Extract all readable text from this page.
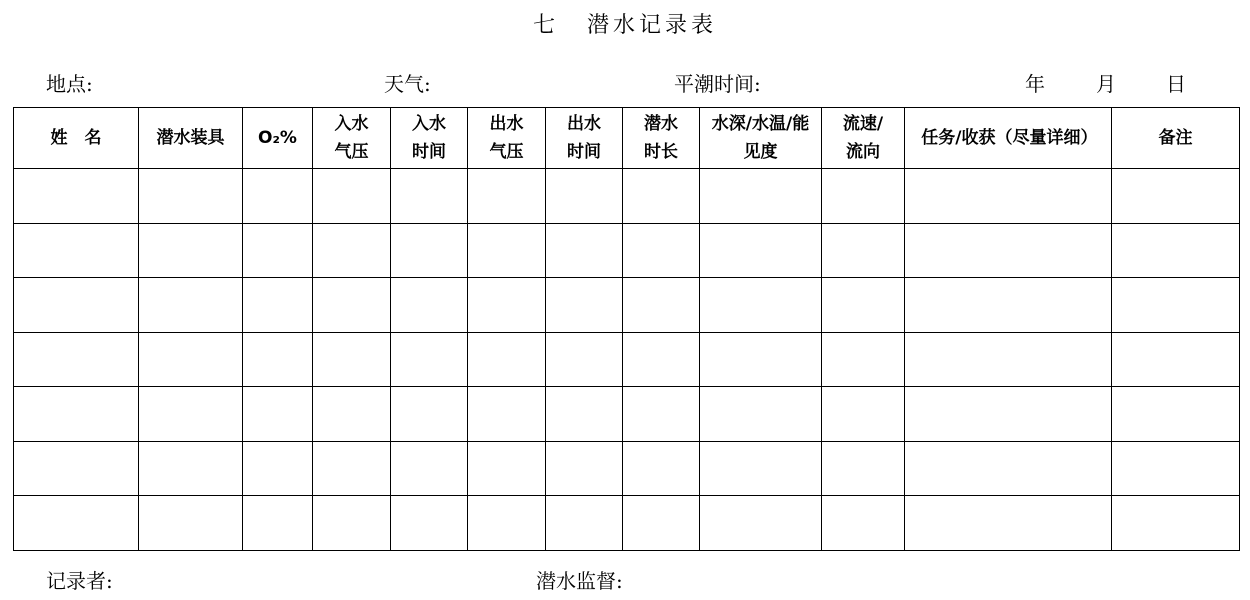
七 潜水记录表
地点:	天气:	平潮时间:	年	月	日
姓　名	潜水装具	O₂%	入水气压	入水时间	出水气压	出水时间	潜水时长	水深/水温/能见度	流速/流向	任务/收获（尽量详细）	备注

记录者:	潜水监督:
